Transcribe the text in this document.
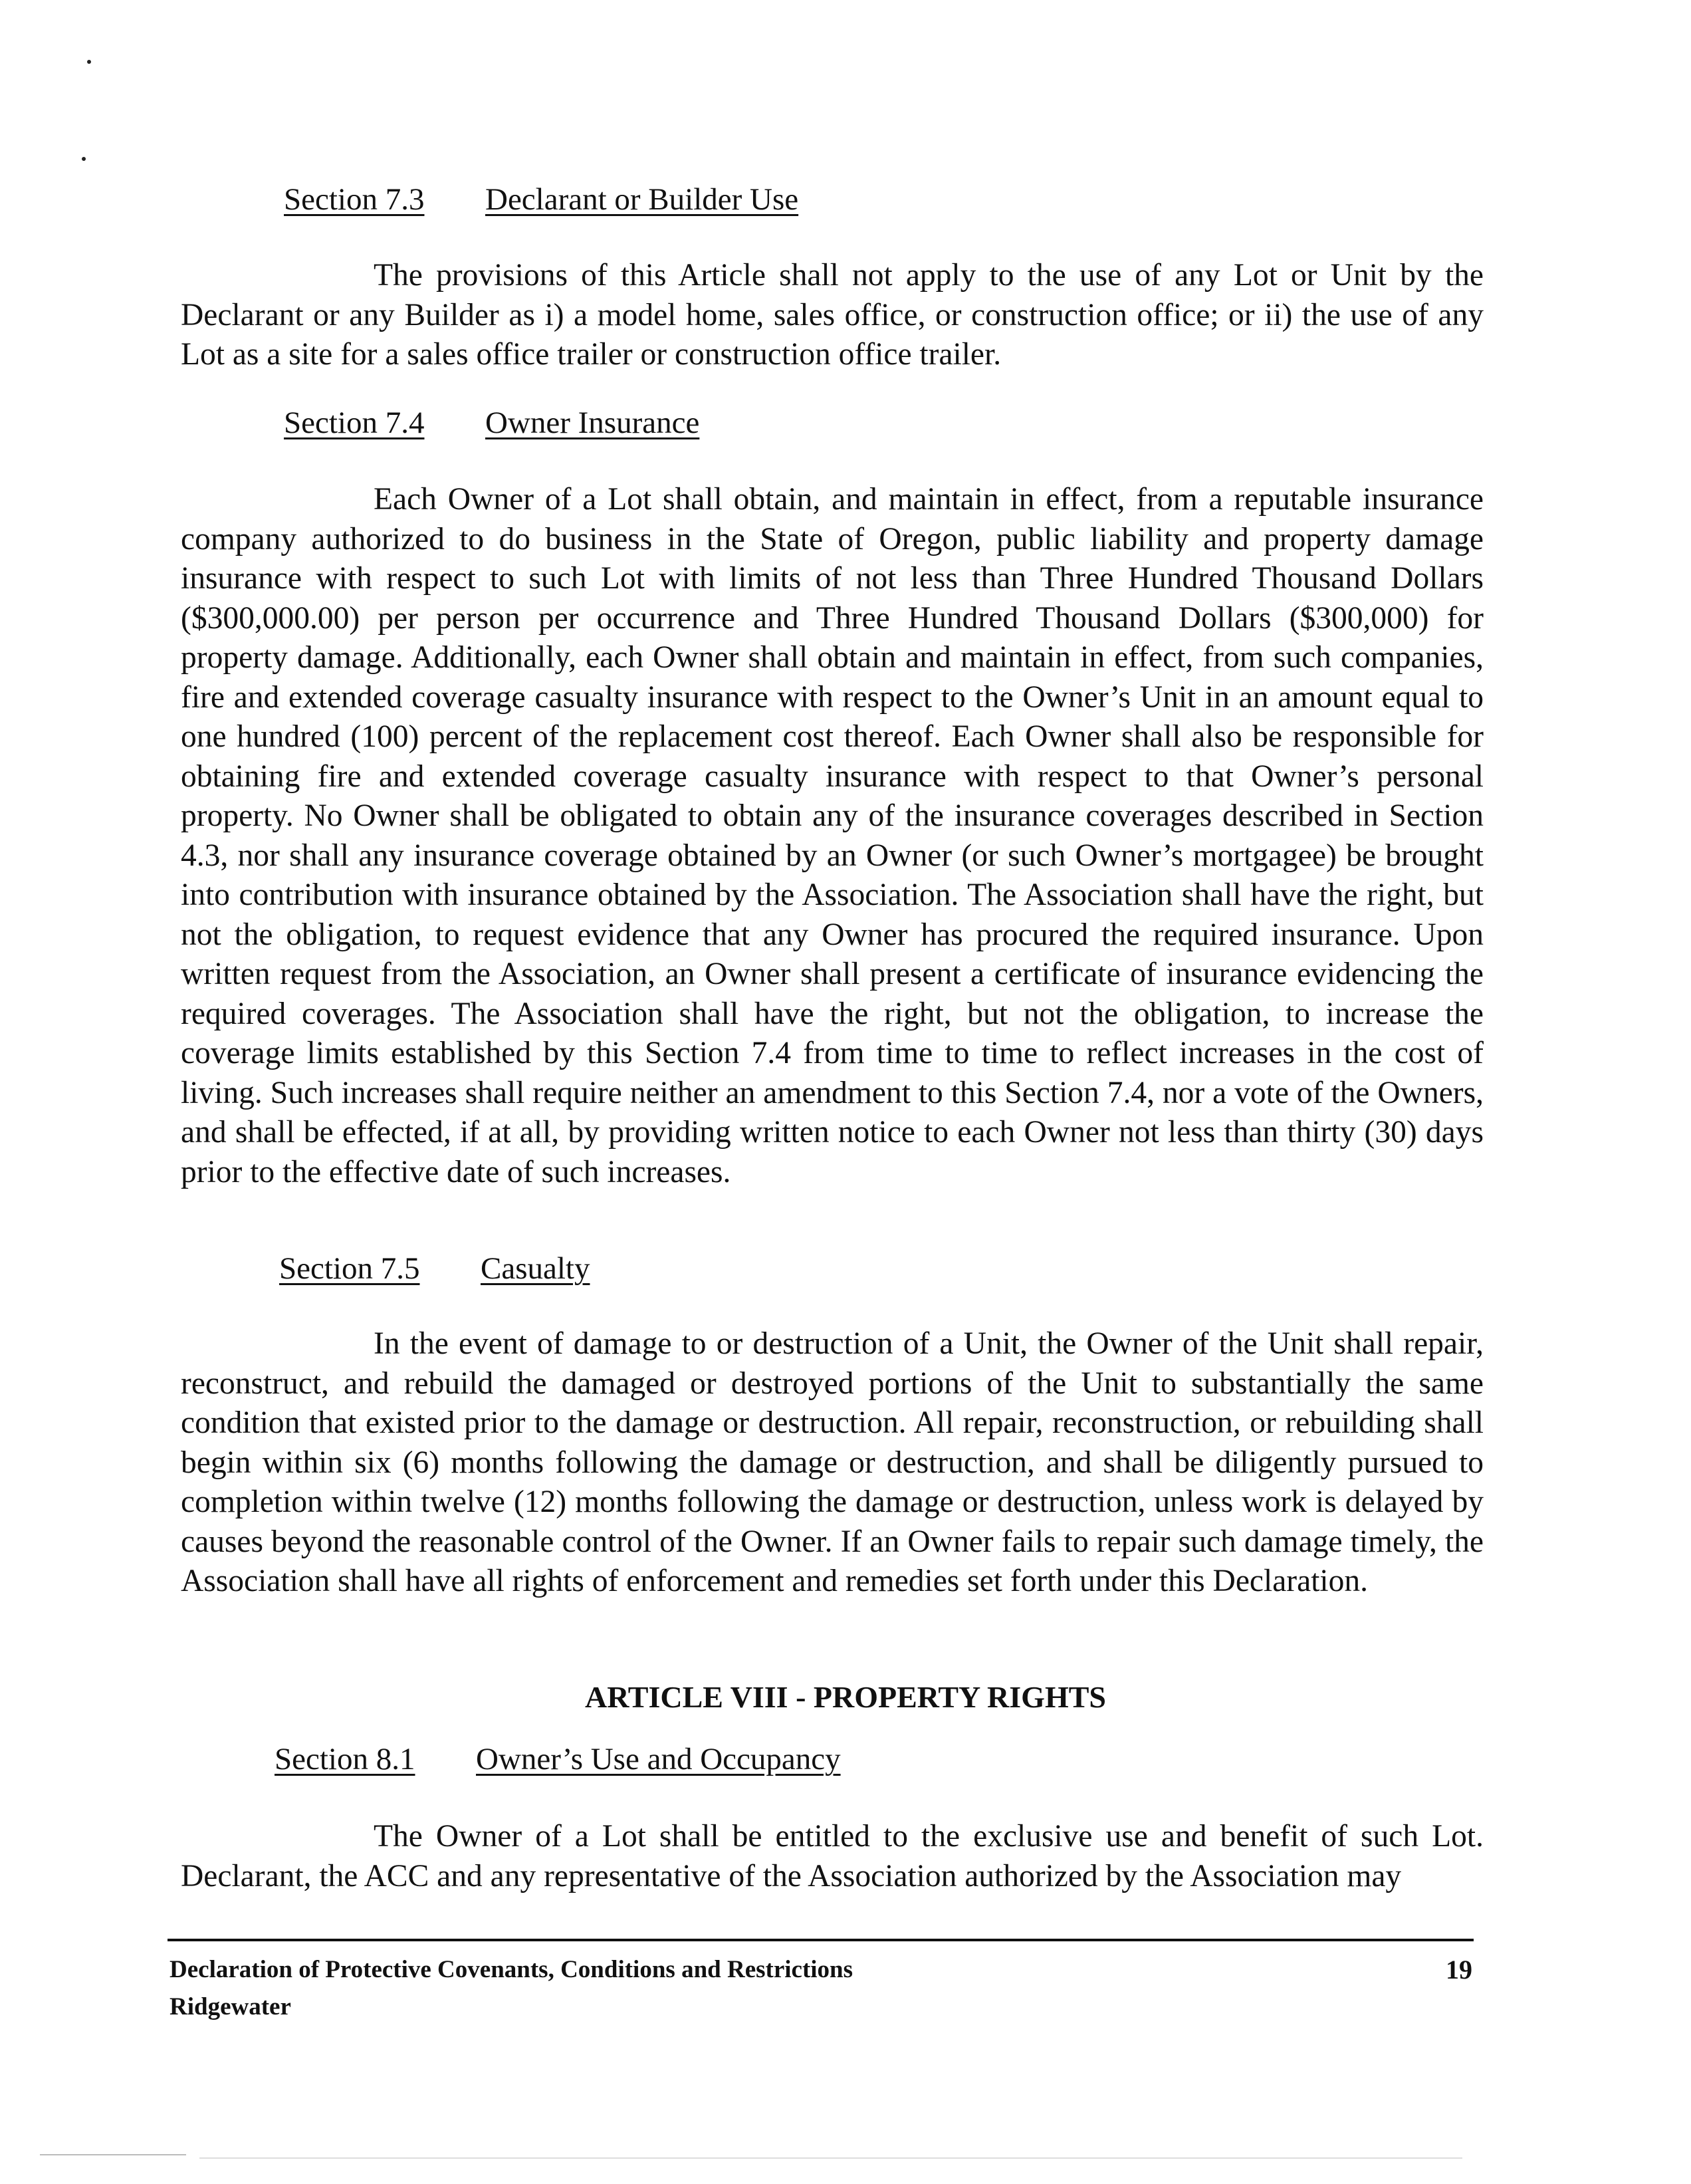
Section 7.3 Declarant or Builder Use
The provisions of this Article shall not apply to the use of any Lot or Unit by the Declarant or any Builder as i) a model home, sales office, or construction office; or ii) the use of any Lot as a site for a sales office trailer or construction office trailer.
Section 7.4 Owner Insurance
Each Owner of a Lot shall obtain, and maintain in effect, from a reputable insurance company authorized to do business in the State of Oregon, public liability and property damage insurance with respect to such Lot with limits of not less than Three Hundred Thousand Dollars ($300,000.00) per person per occurrence and Three Hundred Thousand Dollars ($300,000) for property damage. Additionally, each Owner shall obtain and maintain in effect, from such companies, fire and extended coverage casualty insurance with respect to the Owner’s Unit in an amount equal to one hundred (100) percent of the replacement cost thereof. Each Owner shall also be responsible for obtaining fire and extended coverage casualty insurance with respect to that Owner’s personal property. No Owner shall be obligated to obtain any of the insurance coverages described in Section 4.3, nor shall any insurance coverage obtained by an Owner (or such Owner’s mortgagee) be brought into contribution with insurance obtained by the Association. The Association shall have the right, but not the obligation, to request evidence that any Owner has procured the required insurance. Upon written request from the Association, an Owner shall present a certificate of insurance evidencing the required coverages. The Association shall have the right, but not the obligation, to increase the coverage limits established by this Section 7.4 from time to time to reflect increases in the cost of living. Such increases shall require neither an amendment to this Section 7.4, nor a vote of the Owners, and shall be effected, if at all, by providing written notice to each Owner not less than thirty (30) days prior to the effective date of such increases.
Section 7.5 Casualty
In the event of damage to or destruction of a Unit, the Owner of the Unit shall repair, reconstruct, and rebuild the damaged or destroyed portions of the Unit to substantially the same condition that existed prior to the damage or destruction. All repair, reconstruction, or rebuilding shall begin within six (6) months following the damage or destruction, and shall be diligently pursued to completion within twelve (12) months following the damage or destruction, unless work is delayed by causes beyond the reasonable control of the Owner. If an Owner fails to repair such damage timely, the Association shall have all rights of enforcement and remedies set forth under this Declaration.
ARTICLE VIII - PROPERTY RIGHTS
Section 8.1 Owner’s Use and Occupancy
The Owner of a Lot shall be entitled to the exclusive use and benefit of such Lot. Declarant, the ACC and any representative of the Association authorized by the Association may
Declaration of Protective Covenants, Conditions and Restrictions
Ridgewater
19
